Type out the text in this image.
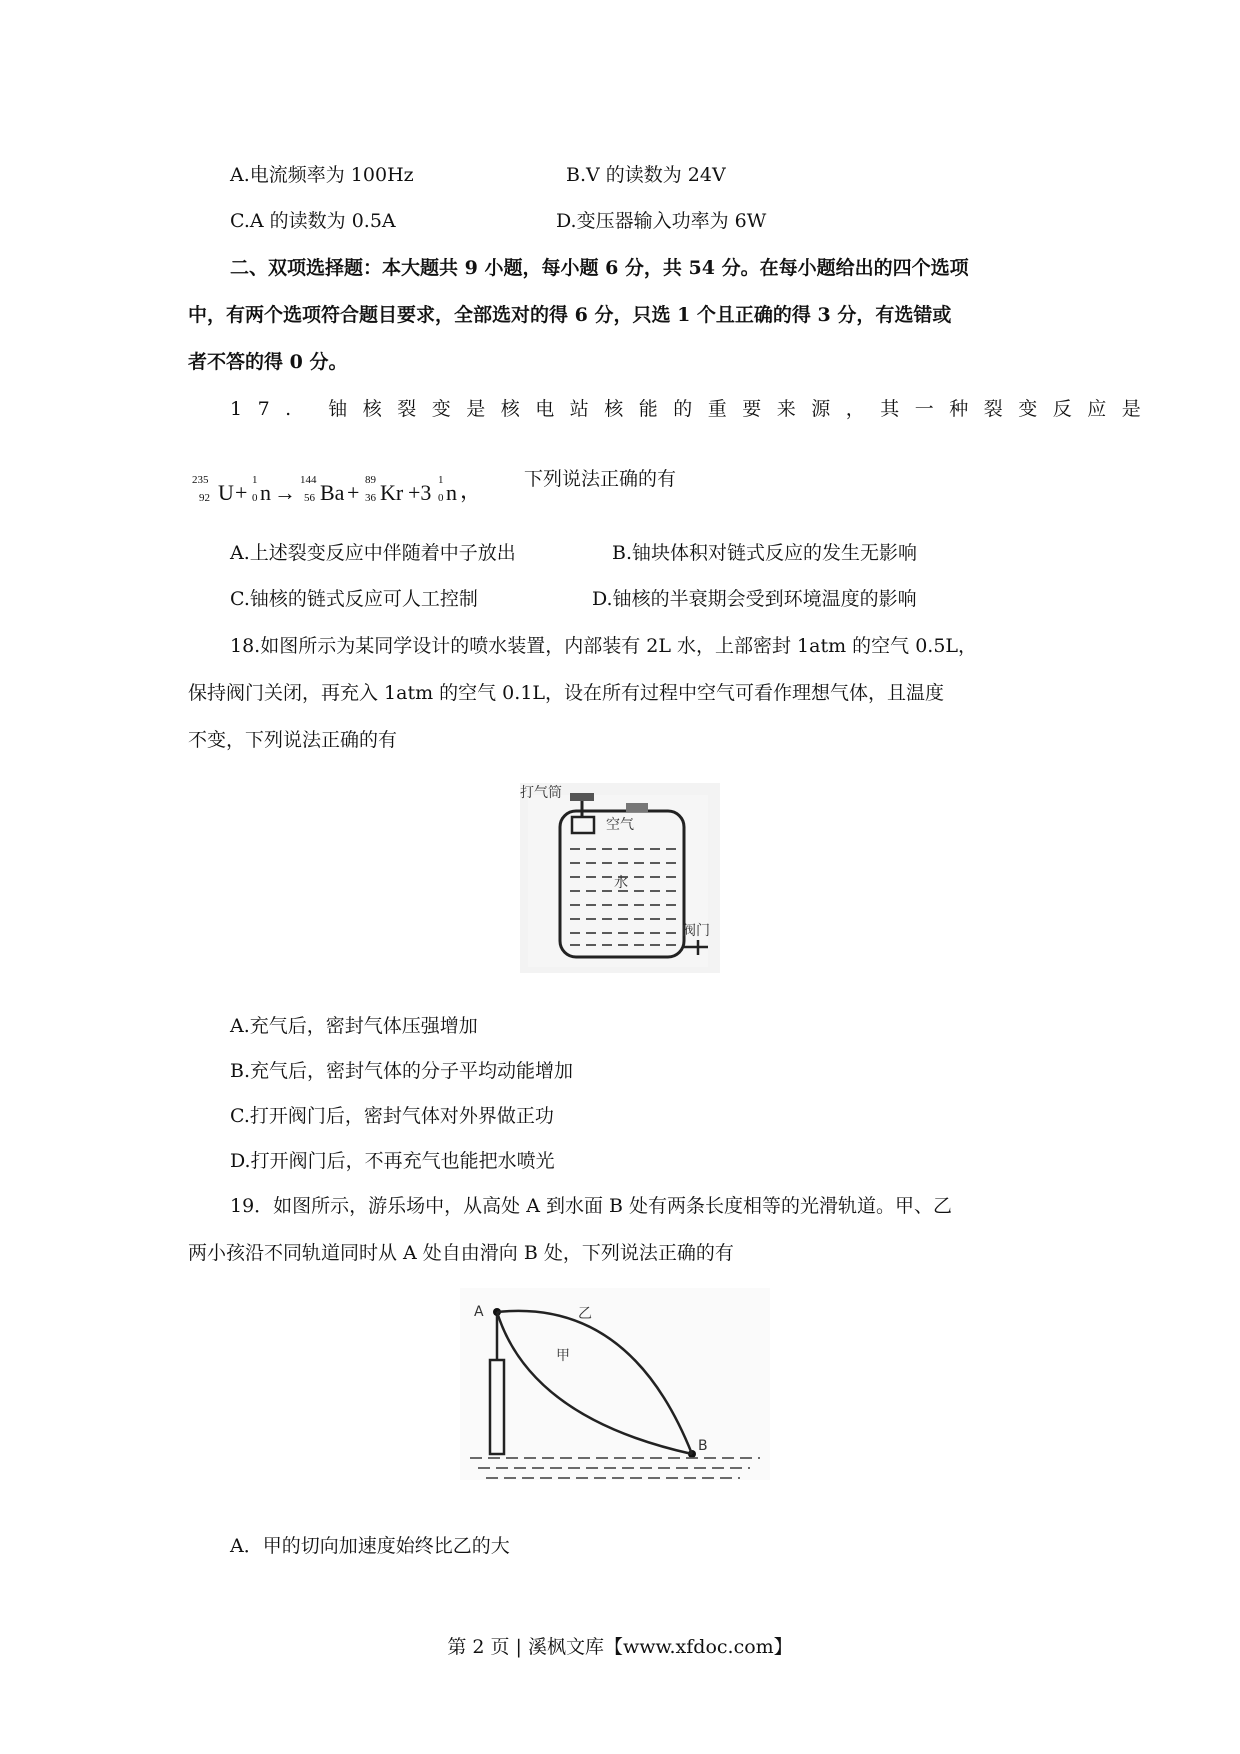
A.电流频率为 100Hz	B.V 的读数为 24V
C.A 的读数为 0.5A	D.变压器输入功率为 6W
二、双项选择题：本大题共 9 小题，每小题 6 分，共 54 分。在每小题给出的四个选项
中，有两个选项符合题目要求，全部选对的得 6 分，只选 1 个且正确的得 3 分，有选错或
者不答的得 0 分。
17. 铀核裂变是核电站核能的重要来源，其一种裂变反应是
235
92 U + 1
0 n → 144
56 Ba + 89
36 Kr +3 1
0 n ， 下列说法正确的有
A.上述裂变反应中伴随着中子放出	B.铀块体积对链式反应的发生无影响
C.铀核的链式反应可人工控制	D.铀核的半衰期会受到环境温度的影响
18.如图所示为某同学设计的喷水装置，内部装有 2L 水，上部密封 1atm 的空气 0.5L，
保持阀门关闭，再充入 1atm 的空气 0.1L，设在所有过程中空气可看作理想气体，且温度
不变，下列说法正确的有
打气筒
空气
水
阀门
A.充气后，密封气体压强增加
B.充气后，密封气体的分子平均动能增加
C.打开阀门后，密封气体对外界做正功
D.打开阀门后，不再充气也能把水喷光
19．如图所示，游乐场中，从高处 A 到水面 B 处有两条长度相等的光滑轨道。甲、乙
两小孩沿不同轨道同时从 A 处自由滑向 B 处，下列说法正确的有
A
B
甲
乙
A．甲的切向加速度始终比乙的大
第 2 页 | 溪枫文库【www.xfdoc.com】
